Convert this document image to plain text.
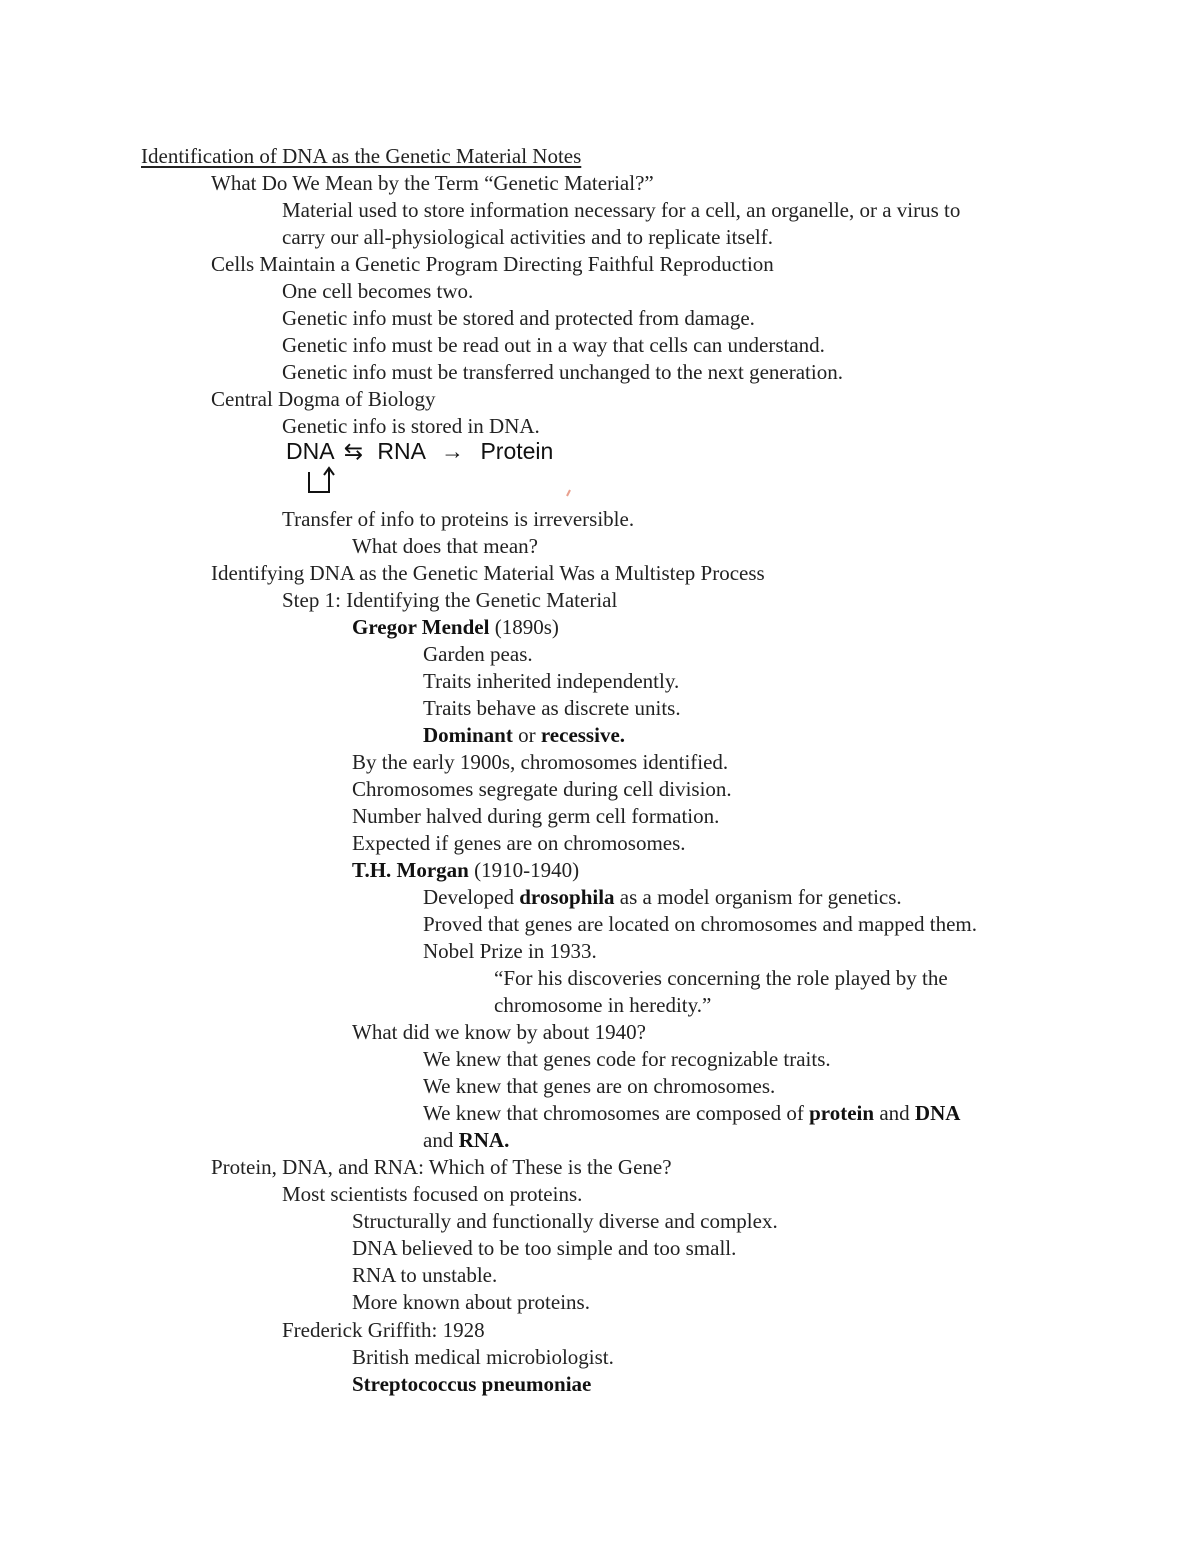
Identification of DNA as the Genetic Material Notes
What Do We Mean by the Term “Genetic Material?”
Material used to store information necessary for a cell, an organelle, or a virus to
carry our all-physiological activities and to replicate itself.
Cells Maintain a Genetic Program Directing Faithful Reproduction
One cell becomes two.
Genetic info must be stored and protected from damage.
Genetic info must be read out in a way that cells can understand.
Genetic info must be transferred unchanged to the next generation.
Central Dogma of Biology
Genetic info is stored in DNA.
DNA ⇆ RNA → Protein
Transfer of info to proteins is irreversible.
What does that mean?
Identifying DNA as the Genetic Material Was a Multistep Process
Step 1: Identifying the Genetic Material
Gregor Mendel (1890s)
Garden peas.
Traits inherited independently.
Traits behave as discrete units.
Dominant or recessive.
By the early 1900s, chromosomes identified.
Chromosomes segregate during cell division.
Number halved during germ cell formation.
Expected if genes are on chromosomes.
T.H. Morgan (1910-1940)
Developed drosophila as a model organism for genetics.
Proved that genes are located on chromosomes and mapped them.
Nobel Prize in 1933.
“For his discoveries concerning the role played by the
chromosome in heredity.”
What did we know by about 1940?
We knew that genes code for recognizable traits.
We knew that genes are on chromosomes.
We knew that chromosomes are composed of protein and DNA
and RNA.
Protein, DNA, and RNA: Which of These is the Gene?
Most scientists focused on proteins.
Structurally and functionally diverse and complex.
DNA believed to be too simple and too small.
RNA to unstable.
More known about proteins.
Frederick Griffith: 1928
British medical microbiologist.
Streptococcus pneumoniae
